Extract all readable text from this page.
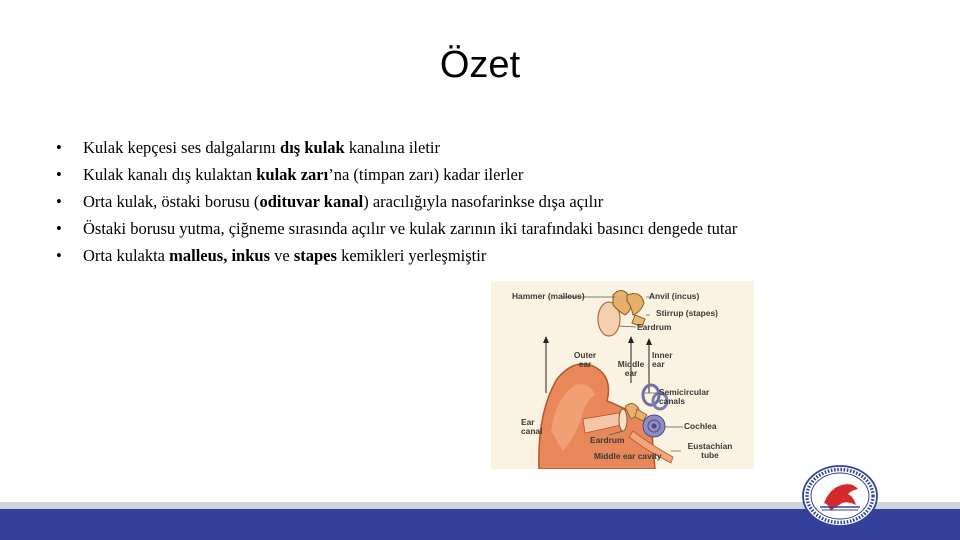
Özet
• Kulak kepçesi ses dalgalarını dış kulak kanalına iletir
• Kulak kanalı dış kulaktan kulak zarı’na (timpan zarı) kadar ilerler
• Orta kulak, östaki borusu (odituvar kanal) aracılığıyla nasofarinkse dışa açılır
• Östaki borusu yutma, çiğneme sırasında açılır ve kulak zarının iki tarafındaki basıncı dengede tutar
• Orta kulakta malleus, inkus ve stapes kemikleri yerleşmiştir
Hammer (malleus)	Anvil (incus)
Stirrup (stapes)
Eardrum
Outer ear	Middle ear
Inner ear
Semicircular canals
Ear canal	Cochlea
Eardrum
Middle ear cavity
Eustachian tube
